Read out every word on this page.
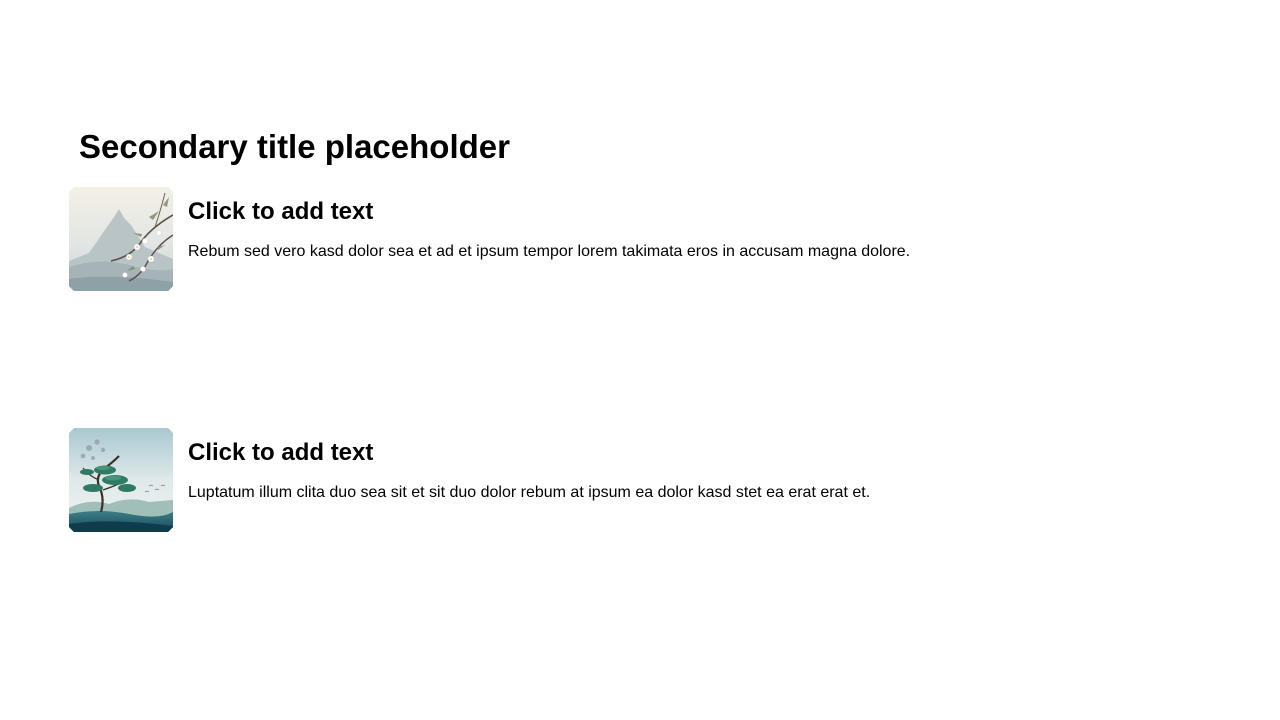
Secondary title placeholder
Click to add text

Rebum sed vero kasd dolor sea et ad et ipsum tempor lorem takimata eros in accusam magna dolore.

Click to add text

Luptatum illum clita duo sea sit et sit duo dolor rebum at ipsum ea dolor kasd stet ea erat erat et.
